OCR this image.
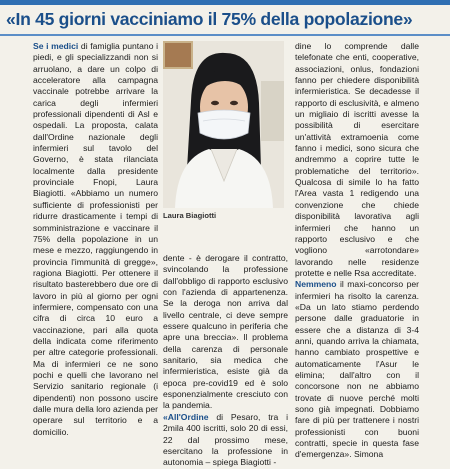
«In 45 giorni vacciniamo il 75% della popolazione»

Se i medici di famiglia puntano i piedi, e gli specializzandi non si arruolano, a dare un colpo di acceleratore alla campagna vaccinale potrebbe arrivare la carica degli infermieri professionali dipendenti di Asl e ospedali. La proposta, calata dall'Ordine nazionale degli infermieri sul tavolo del Governo, è stata rilanciata localmente dalla presidente provinciale Fnopi, Laura Biagiotti. «Abbiamo un numero sufficiente di professionisti per ridurre drasticamente i tempi di somministrazione e vaccinare il 75% della popolazione in un mese e mezzo, raggiungendo in provincia l'immunità di gregge», ragiona Biagiotti. Per ottenere il risultato basterebbero due ore di lavoro in più al giorno per ogni infermiere, compensato con una cifra di circa 10 euro a vaccinazione, pari alla quota della indicata come riferimento per altre categorie professionali. Ma di infermieri ce ne sono pochi e quelli che lavorano nel Servizio sanitario regionale (i dipendenti) non possono uscire dalle mura della loro azienda per operare sul territorio e a domicilio.

Laura Biagiotti

dente - è derogare il contratto, svincolando la professione dall'obbligo di rapporto esclusivo con l'azienda di appartenenza. Se la deroga non arriva dal livello centrale, ci deve sempre essere qualcuno in periferia che apre una breccia». Il problema della carenza di personale sanitario, sia medica che infermieristica, esiste già da epoca pre-covid19 ed è solo esponenzialmente cresciuto con la pandemia.

«All'Ordine di Pesaro, tra i 2mila 400 iscritti, solo 20 di essi, 22 dal prossimo mese, esercitano la professione in autonomia – spiega Biagiotti -

dine lo comprende dalle telefonate che enti, cooperative, associazioni, onlus, fondazioni fanno per chiedere disponibilità infermieristica. Se decadesse il rapporto di esclusività, e almeno un migliaio di iscritti avesse la possibilità di esercitare un'attività extramoenia come fanno i medici, sono sicura che andremmo a coprire tutte le problematiche del territorio». Qualcosa di simile lo ha fatto l'Area vasta 1 redigendo una convenzione che chiede disponibilità lavorativa agli infermieri che hanno un rapporto esclusivo e che vogliono «arrotondare» lavorando nelle residenze protette e nelle Rsa accreditate.

Nemmeno il maxi-concorso per infermieri ha risolto la carenza. «Da un lato stiamo perdendo persone dalle graduatorie in essere che a distanza di 3-4 anni, quando arriva la chiamata, hanno cambiato prospettive e automaticamente l'Asur le elimina; dall'altro con il concorsone non ne abbiamo trovate di nuove perché molti sono già impegnati. Dobbiamo fare di più per trattenere i nostri professionisti con buoni contratti, specie in questa fase d'emergenza». Simona
